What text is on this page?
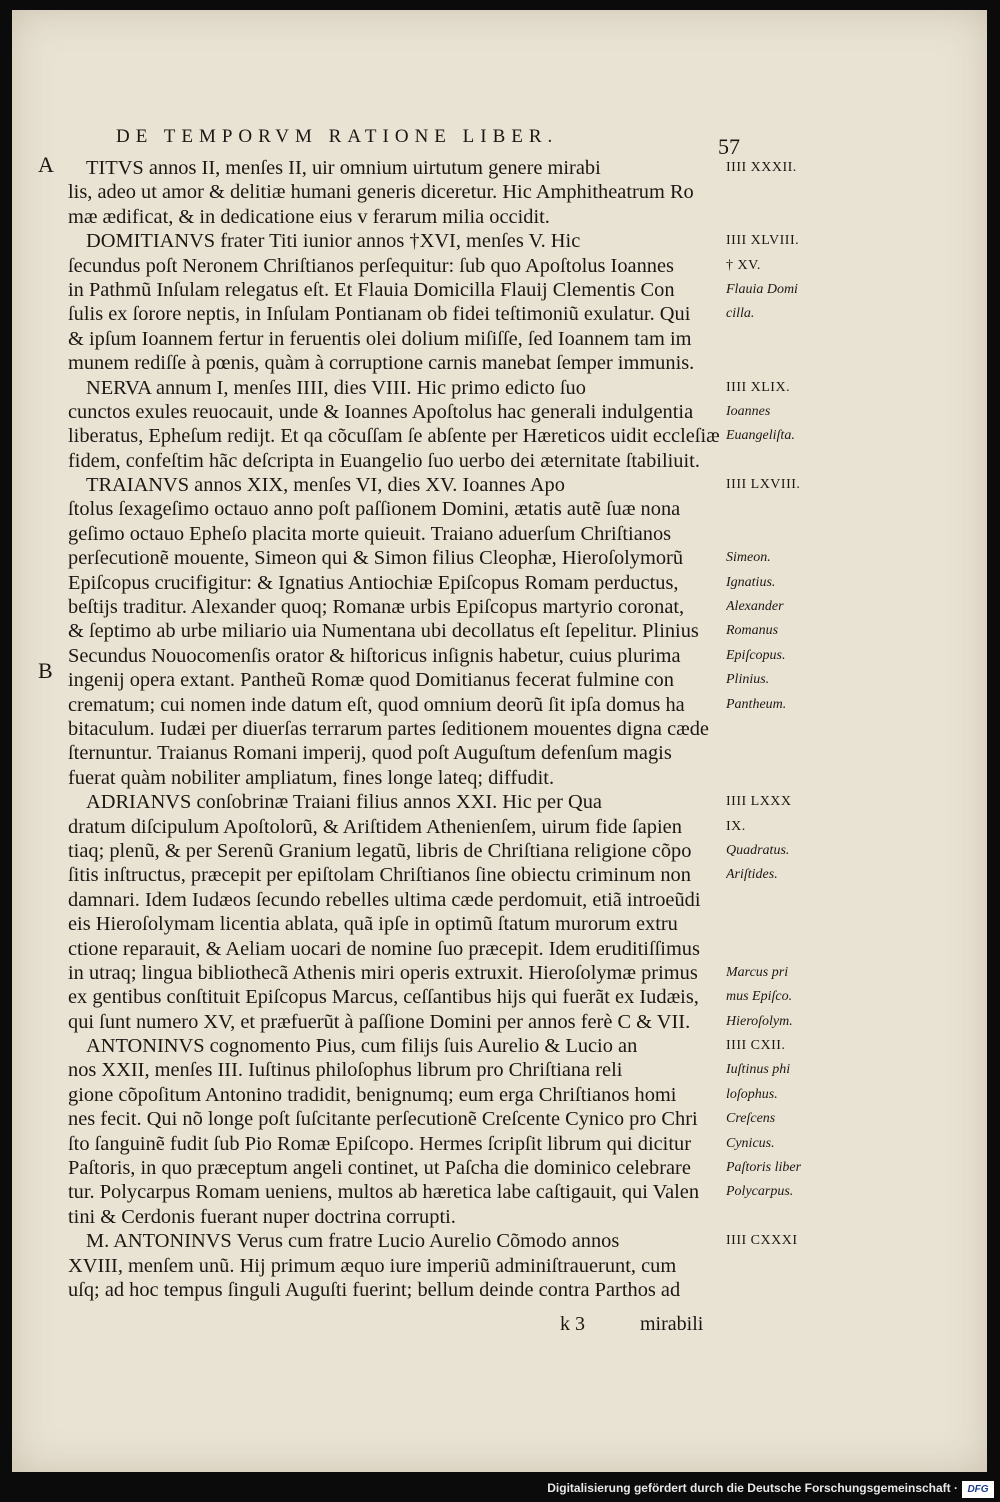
DE TEMPORVM RATIONE LIBER.	57
A
B
TITVS annos II, menſes II, uir omnium uirtutum genere mirabi
lis, adeo ut amor & delitiæ humani generis diceretur. Hic Amphitheatrum Ro
mæ ædificat, & in dedicatione eius v ferarum milia occidit.
DOMITIANVS frater Titi iunior annos †XVI, menſes V. Hic
ſecundus poſt Neronem Chriſtianos perſequitur: ſub quo Apoſtolus Ioannes
in Pathmũ Inſulam relegatus eſt. Et Flauia Domicilla Flauij Clementis Con
ſulis ex ſorore neptis, in Inſulam Pontianam ob fidei teſtimoniũ exulatur. Qui
& ipſum Ioannem fertur in feruentis olei dolium miſiſſe, ſed Ioannem tam im
munem rediſſe à pœnis, quàm à corruptione carnis manebat ſemper immunis.
NERVA annum I, menſes IIII, dies VIII. Hic primo edicto ſuo
cunctos exules reuocauit, unde & Ioannes Apoſtolus hac generali indulgentia
liberatus, Epheſum redijt. Et qa cõcuſſam ſe abſente per Hæreticos uidit eccleſiæ
fidem, confeſtim hãc deſcripta in Euangelio ſuo uerbo dei æternitate ſtabiliuit.
TRAIANVS annos XIX, menſes VI, dies XV. Ioannes Apo
ſtolus ſexageſimo octauo anno poſt paſſionem Domini, ætatis autẽ ſuæ nona
geſimo octauo Epheſo placita morte quieuit. Traiano aduerſum Chriſtianos
perſecutionẽ mouente, Simeon qui & Simon filius Cleophæ, Hieroſolymorũ
Epiſcopus crucifigitur: & Ignatius Antiochiæ Epiſcopus Romam perductus,
beſtijs traditur. Alexander quoq; Romanæ urbis Epiſcopus martyrio coronat,
& ſeptimo ab urbe miliario uia Numentana ubi decollatus eſt ſepelitur. Plinius
Secundus Nouocomenſis orator & hiſtoricus inſignis habetur, cuius plurima
ingenij opera extant. Pantheũ Romæ quod Domitianus fecerat fulmine con
crematum; cui nomen inde datum eſt, quod omnium deorũ ſit ipſa domus ha
bitaculum. Iudæi per diuerſas terrarum partes ſeditionem mouentes digna cæde
ſternuntur. Traianus Romani imperij, quod poſt Auguſtum defenſum magis
fuerat quàm nobiliter ampliatum, fines longe lateq; diffudit.
ADRIANVS conſobrinæ Traiani filius annos XXI. Hic per Qua
dratum diſcipulum Apoſtolorũ, & Ariſtidem Athenienſem, uirum fide ſapien
tiaq; plenũ, & per Serenũ Granium legatũ, libris de Chriſtiana religione cõpo
ſitis inſtructus, præcepit per epiſtolam Chriſtianos ſine obiectu criminum non
damnari. Idem Iudæos ſecundo rebelles ultima cæde perdomuit, etiã introeũdi
eis Hieroſolymam licentia ablata, quã ipſe in optimũ ſtatum murorum extru
ctione reparauit, & Aeliam uocari de nomine ſuo præcepit. Idem eruditiſſimus
in utraq; lingua bibliothecã Athenis miri operis extruxit. Hieroſolymæ primus
ex gentibus conſtituit Epiſcopus Marcus, ceſſantibus hijs qui fuerãt ex Iudæis,
qui ſunt numero XV, et præfuerũt à paſſione Domini per annos ferè C & VII.
ANTONINVS cognomento Pius, cum filijs ſuis Aurelio & Lucio an
nos XXII, menſes III. Iuſtinus philoſophus librum pro Chriſtiana reli
gione cõpoſitum Antonino tradidit, benignumq; eum erga Chriſtianos homi
nes fecit. Qui nõ longe poſt ſuſcitante perſecutionẽ Creſcente Cynico pro Chri
ſto ſanguinẽ fudit ſub Pio Romæ Epiſcopo. Hermes ſcripſit librum qui dicitur
Paſtoris, in quo præceptum angeli continet, ut Paſcha die dominico celebrare
tur. Polycarpus Romam ueniens, multos ab hæretica labe caſtigauit, qui Valen
tini & Cerdonis fuerant nuper doctrina corrupti.
M. ANTONINVS Verus cum fratre Lucio Aurelio Cõmodo annos
XVIII, menſem unũ. Hij primum æquo iure imperiũ adminiſtrauerunt, cum
uſq; ad hoc tempus ſinguli Auguſti fuerint; bellum deinde contra Parthos ad
IIII XXXII.
IIII XLVIII.
† XV.
Flauia Domi
cilla.
IIII XLIX.
Ioannes
Euangeliſta.
IIII LXVIII.
Simeon.
Ignatius.
Alexander
Romanus
Epiſcopus.
Plinius.
Pantheum.
IIII LXXX
IX.
Quadratus.
Ariſtides.
Marcus pri
mus Epiſco.
Hieroſolym.
IIII CXII.
Iuſtinus phi
loſophus.
Creſcens
Cynicus.
Paſtoris liber
Polycarpus.
IIII CXXXI
k 3	mirabili
Digitalisierung gefördert durch die Deutsche Forschungsgemeinschaft · DFG
